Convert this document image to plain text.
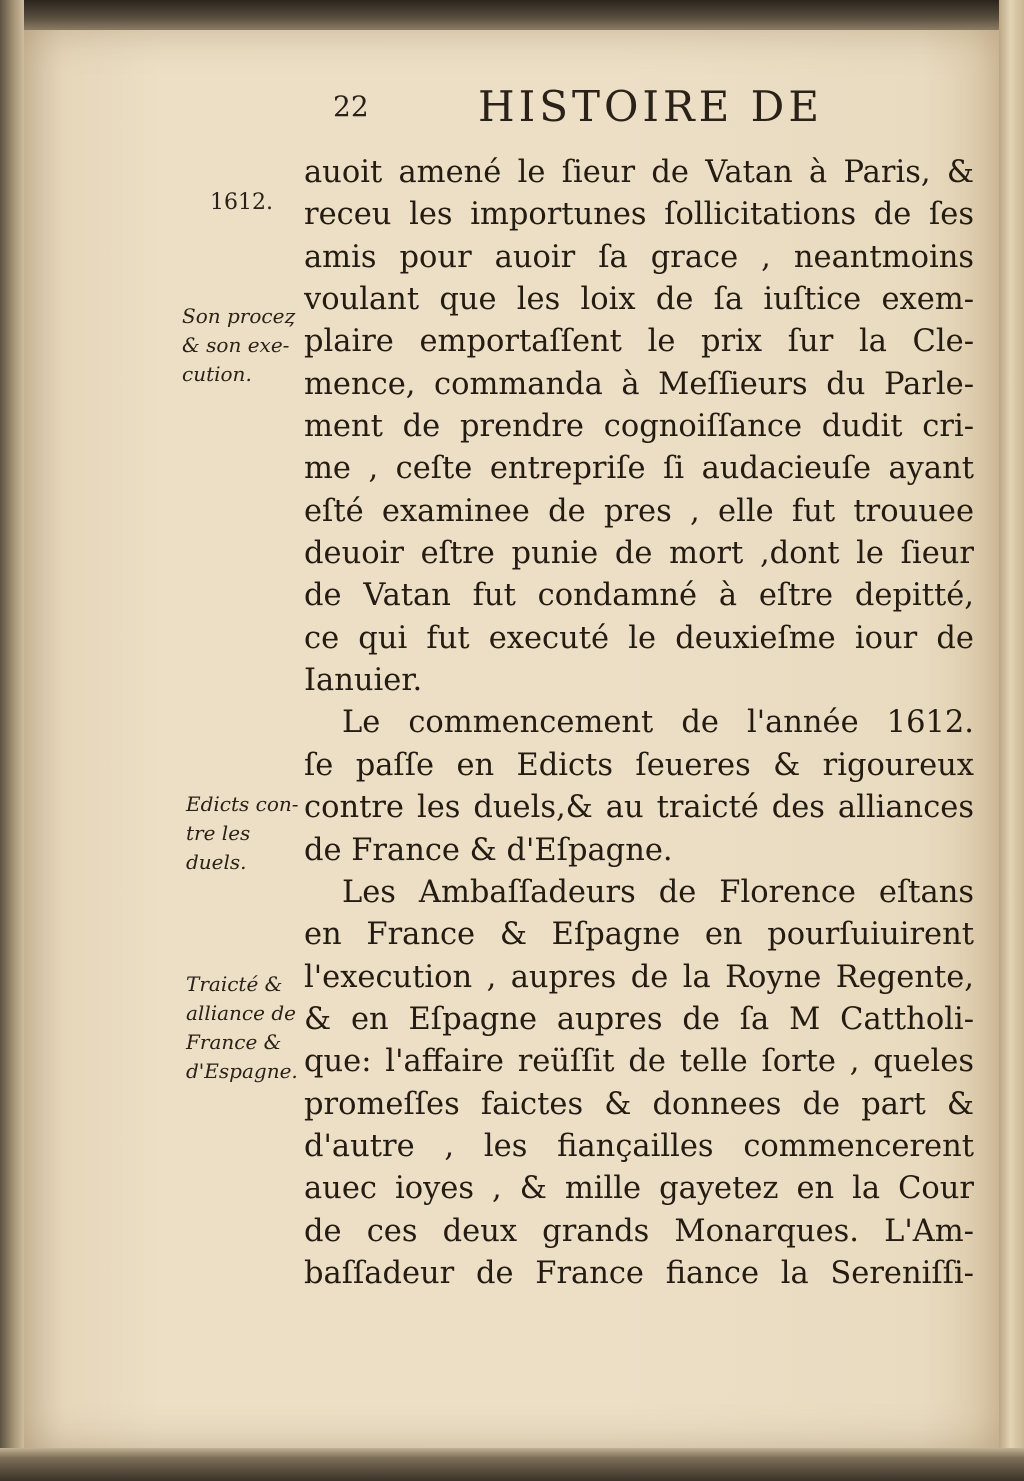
22	HISTOIRE DE
1612.
Son proceȥ
& son exe-
cution.
Edicts con-
tre les
duels.
Traicté &
alliance de
France &
d'Espagne.
auoit amené le ſieur de Vatan à Paris, &
receu les importunes ſollicitations de ſes
amis pour auoir ſa grace , neantmoins
voulant que les loix de ſa iuſtice exem-
plaire emportaſſent le prix ſur la Cle-
mence, commanda à Meſſieurs du Parle-
ment de prendre cognoiſſance dudit cri-
me , ceſte entrepriſe ſi audacieuſe ayant
eſté examinee de pres , elle fut trouuee
deuoir eſtre punie de mort ,dont le ſieur
de Vatan fut condamné à eſtre depitté,
ce qui fut executé le deuxieſme iour de
Ianuier.
Le commencement de l'année 1612.
ſe paſſe en Edicts ſeueres & rigoureux
contre les duels,& au traicté des alliances
de France & d'Eſpagne.
Les Ambaſſadeurs de Florence eſtans
en France & Eſpagne en pourſuiuirent
l'execution , aupres de la Royne Regente,
& en Eſpagne aupres de ſa M Cattholi-
que: l'affaire reüſſit de telle ſorte , queles
promeſſes faictes & donnees de part &
d'autre , les fiançailles commencerent
auec ioyes , & mille gayetez en la Cour
de ces deux grands Monarques. L'Am-
baſſadeur de France fiance la Sereniſſi-
